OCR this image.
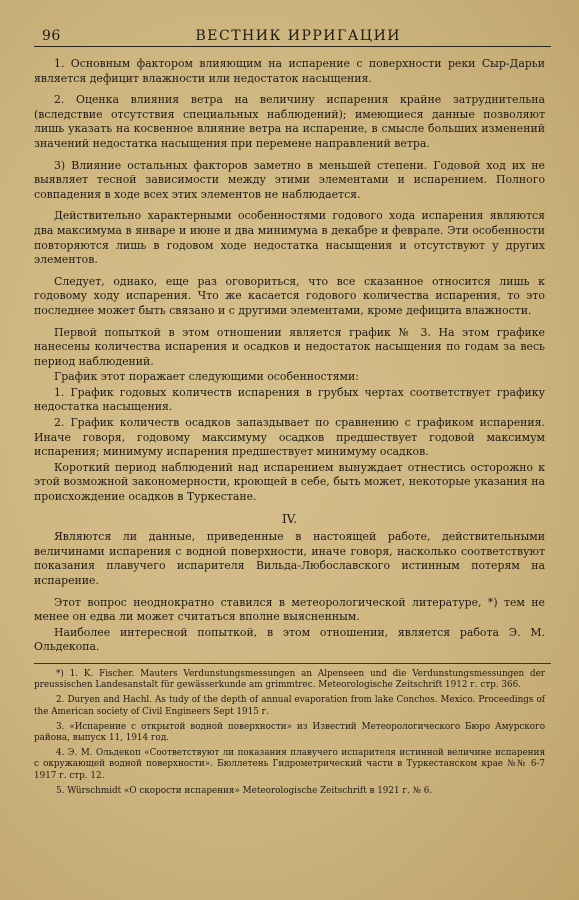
96	ВЕСТНИК ИРРИГАЦИИ

1. Основным фактором влияющим на испарение с поверхности реки Сыр-Дарьи является дефицит влажности или недостаток насыщения.

2. Оценка влияния ветра на величину испарения крайне затруднительна (вследствие отсутствия специальных наблюдений); имеющиеся данные позволяют лишь указать на косвенное влияние ветра на испарение, в смысле больших изменений значений недостатка насыщения при перемене направлений ветра.

3) Влияние остальных факторов заметно в меньшей степени. Годовой ход их не выявляет тесной зависимости между этими элементами и испарением. Полного совпадения в ходе всех этих элементов не наблюдается.

Действительно характерными особенностями годового хода испарения являются два максимума в январе и июне и два минимума в декабре и феврале. Эти особенности повторяются лишь в годовом ходе недостатка насыщения и отсутствуют у других элементов.

Следует, однако, еще раз оговориться, что все сказанное относится лишь к годовому ходу испарения. Что же касается годового количества испарения, то это последнее может быть связано и с другими элементами, кроме дефицита влажности.

Первой попыткой в этом отношении является график № 3. На этом графике нанесены количества испарения и осадков и недостаток насыщения по годам за весь период наблюдений.

График этот поражает следующими особенностями:

1. График годовых количеств испарения в грубых чертах соответствует графику недостатка насыщения.

2. График количеств осадков запаздывает по сравнению с графиком испарения. Иначе говоря, годовому максимуму осадков предшествует годовой максимум испарения; минимуму испарения предшествует минимуму осадков.

Короткий период наблюдений над испарением вынуждает отнестись осторожно к этой возможной закономерности, кроющей в себе, быть может, некоторые указания на происхождение осадков в Туркестане.

IV.

Являются ли данные, приведенные в настоящей работе, действительными величинами испарения с водной поверхности, иначе говоря, насколько соответствуют показания плавучего испарителя Вильда-Любославского истинным потерям на испарение.

Этот вопрос неоднократно ставился в метеорологической литературе, *) тем не менее он едва ли может считаться вполне выясненным.

Наиболее интересной попыткой, в этом отношении, является работа Э. М. Ольдекопа.

*) 1. K. Fischer. Mauters Verdunstungsmessungen an Alpenseen und die Verdunstungsmessungen der preussischen Landesanstalt für gewässerkunde am grimmtrec. Meteorologische Zeitschrift 1912 г. стр. 366.

2. Duryen and Hachl. As tudy of the depth of annual evaporation from lake Conchos. Mexico. Proceedings of the American society of Civil Engineers Sept 1915 г.

3. «Испарение с открытой водной поверхности» из Известий Метеорологического Бюро Амурского района, выпуск 11, 1914 год.

4. Э. М. Ольдекоп «Соответствуют ли показания плавучего испарителя истинной величине испарения с окружающей водной поверхности». Бюллетень Гидрометрический части в Туркестанском крае №№ 6-7 1917 г. стр. 12.

5. Würschmidt «О скорости испарения» Meteorologische Zeitschrift в 1921 г. № 6.
